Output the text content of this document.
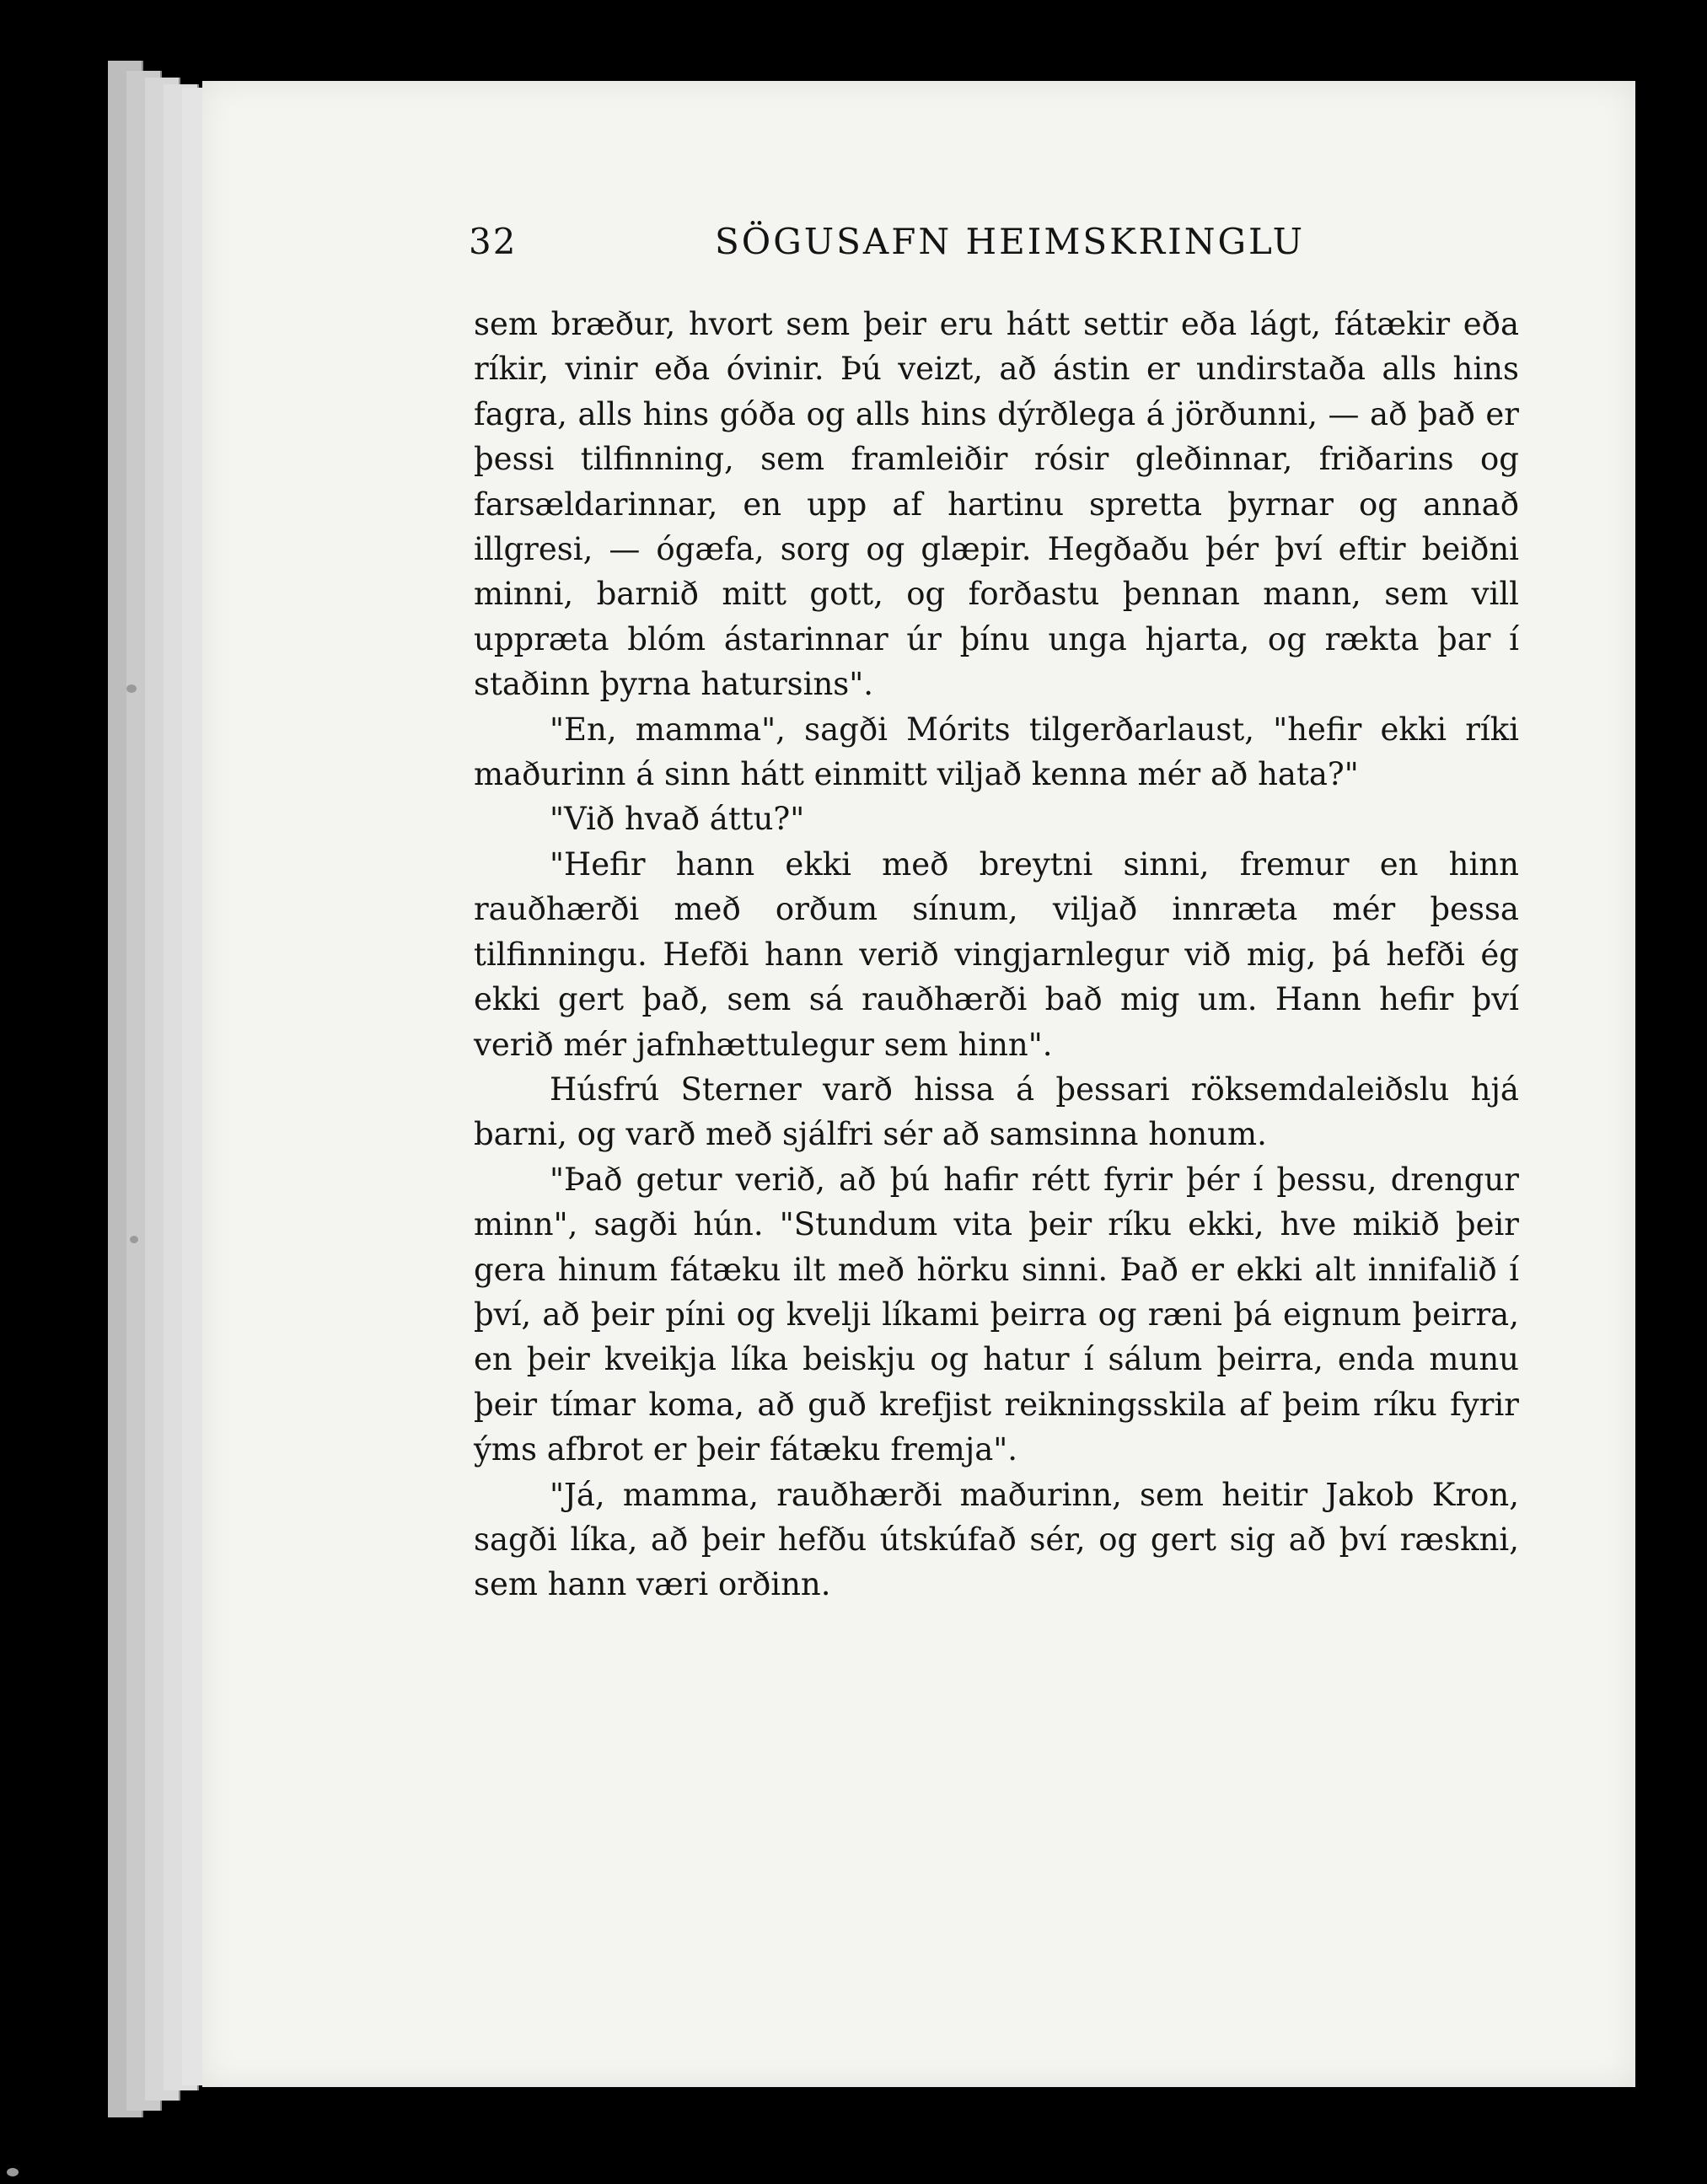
32	SÖGUSAFN HEIMSKRINGLU

sem bræður, hvort sem þeir eru hátt settir eða lágt, fátækir eða ríkir, vinir eða óvinir. Þú veizt, að ástin er undirstaða alls hins fagra, alls hins góða og alls hins dýrðlega á jörðunni, — að það er þessi tilfinning, sem framleiðir rósir gleðinnar, friðarins og farsældarinnar, en upp af hartinu spretta þyrnar og annað illgresi, — ógæfa, sorg og glæpir. Hegðaðu þér því eftir beiðni minni, barnið mitt gott, og forðastu þennan mann, sem vill uppræta blóm ástarinnar úr þínu unga hjarta, og rækta þar í staðinn þyrna hatursins".

"En, mamma", sagði Mórits tilgerðarlaust, "hefir ekki ríki maðurinn á sinn hátt einmitt viljað kenna mér að hata?"

"Við hvað áttu?"

"Hefir hann ekki með breytni sinni, fremur en hinn rauðhærði með orðum sínum, viljað innræta mér þessa tilfinningu. Hefði hann verið vingjarnlegur við mig, þá hefði ég ekki gert það, sem sá rauðhærði bað mig um. Hann hefir því verið mér jafnhættulegur sem hinn".

Húsfrú Sterner varð hissa á þessari röksemdaleiðslu hjá barni, og varð með sjálfri sér að samsinna honum.

"Það getur verið, að þú hafir rétt fyrir þér í þessu, drengur minn", sagði hún. "Stundum vita þeir ríku ekki, hve mikið þeir gera hinum fátæku ilt með hörku sinni. Það er ekki alt innifalið í því, að þeir píni og kvelji líkami þeirra og ræni þá eignum þeirra, en þeir kveikja líka beiskju og hatur í sálum þeirra, enda munu þeir tímar koma, að guð krefjist reikningsskila af þeim ríku fyrir ýms afbrot er þeir fátæku fremja".

"Já, mamma, rauðhærði maðurinn, sem heitir Jakob Kron, sagði líka, að þeir hefðu útskúfað sér, og gert sig að því ræskni, sem hann væri orðinn.
